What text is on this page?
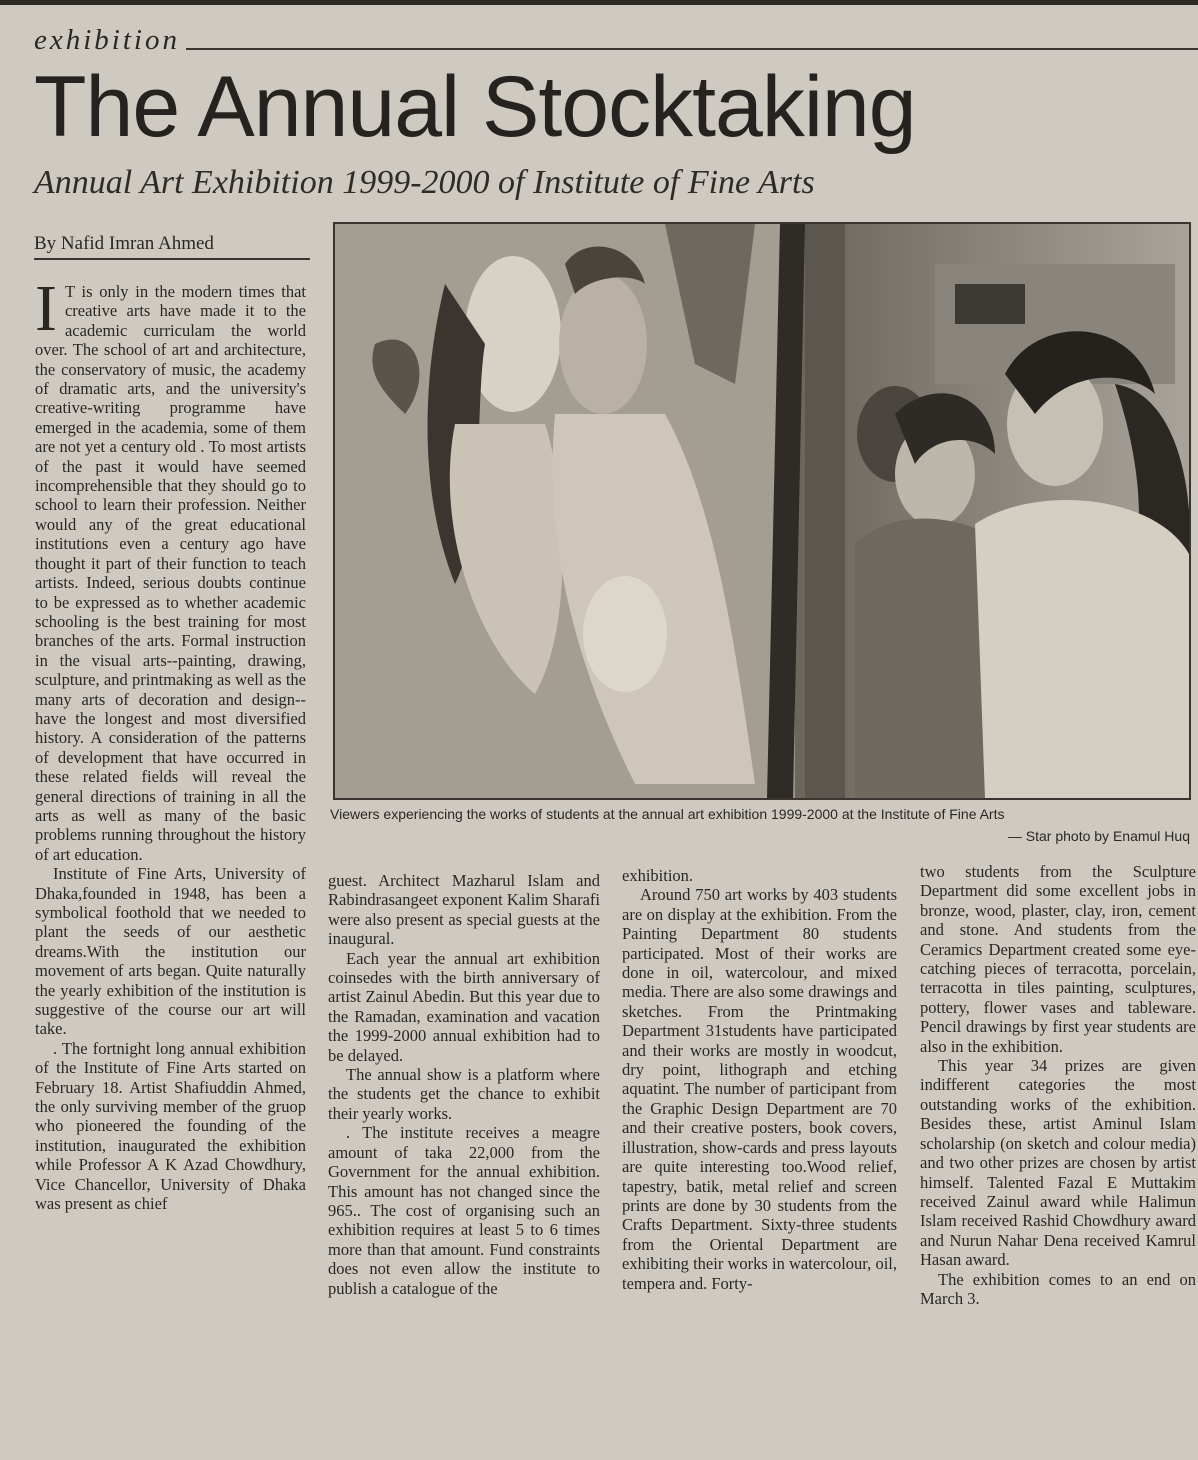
exhibition
The Annual Stocktaking
Annual Art Exhibition 1999-2000 of Institute of Fine Arts
By Nafid Imran Ahmed

I T is only in the modern times that creative arts have made it to the academic curriculam the world over. The school of art and architecture, the conservatory of music, the academy of dramatic arts, and the university's creative-writing programme have emerged in the academia, some of them are not yet a century old . To most artists of the past it would have seemed incomprehensible that they should go to school to learn their profession. Neither would any of the great educational institutions even a century ago have thought it part of their function to teach artists. Indeed, serious doubts continue to be expressed as to whether academic schooling is the best training for most branches of the arts. Formal instruction in the visual arts--painting, drawing, sculpture, and printmaking as well as the many arts of decoration and design--have the longest and most diversified history. A consideration of the patterns of development that have occurred in these related fields will reveal the general directions of training in all the arts as well as many of the basic problems running throughout the history of art education.

Institute of Fine Arts, University of Dhaka,founded in 1948, has been a symbolical foothold that we needed to plant the seeds of our aesthetic dreams.With the institution our movement of arts began. Quite naturally the yearly exhibition of the institution is suggestive of the course our art will take.

. The fortnight long annual exhibition of the Institute of Fine Arts started on February 18. Artist Shafiuddin Ahmed, the only surviving member of the gruop who pioneered the founding of the institution, inaugurated the exhibition while Professor A K Azad Chowdhury, Vice Chancellor, University of Dhaka was present as chief

Viewers experiencing the works of students at the annual art exhibition 1999-2000 at the Institute of Fine Arts
— Star photo by Enamul Huq

guest. Architect Mazharul Islam and Rabindrasangeet exponent Kalim Sharafi were also present as special guests at the inaugural.

Each year the annual art exhibition coinsedes with the birth anniversary of artist Zainul Abedin. But this year due to the Ramadan, examination and vacation the 1999-2000 annual exhibition had to be delayed.

The annual show is a platform where the students get the chance to exhibit their yearly works.

. The institute receives a meagre amount of taka 22,000 from the Government for the annual exhibition. This amount has not changed since the 965.. The cost of organising such an exhibition requires at least 5 to 6 times more than that amount. Fund constraints does not even allow the institute to publish a catalogue of the

exhibition.

Around 750 art works by 403 students are on display at the exhibition. From the Painting Department 80 students participated. Most of their works are done in oil, watercolour, and mixed media. There are also some drawings and sketches. From the Printmaking Department 31students have participated and their works are mostly in woodcut, dry point, lithograph and etching aquatint. The number of participant from the Graphic Design Department are 70 and their creative posters, book covers, illustration, show-cards and press layouts are quite interesting too.Wood relief, tapestry, batik, metal relief and screen prints are done by 30 students from the Crafts Department. Sixty-three students from the Oriental Department are exhibiting their works in watercolour, oil, tempera and. Forty-

two students from the Sculpture Department did some excellent jobs in bronze, wood, plaster, clay, iron, cement and stone. And students from the Ceramics Department created some eye-catching pieces of terracotta, porcelain, terracotta in tiles painting, sculptures, pottery, flower vases and tableware. Pencil drawings by first year students are also in the exhibition.

This year 34 prizes are given indifferent categories the most outstanding works of the exhibition. Besides these, artist Aminul Islam scholarship (on sketch and colour media) and two other prizes are chosen by artist himself. Talented Fazal E Muttakim received Zainul award while Halimun Islam received Rashid Chowdhury award and Nurun Nahar Dena received Kamrul Hasan award.

The exhibition comes to an end on March 3.
